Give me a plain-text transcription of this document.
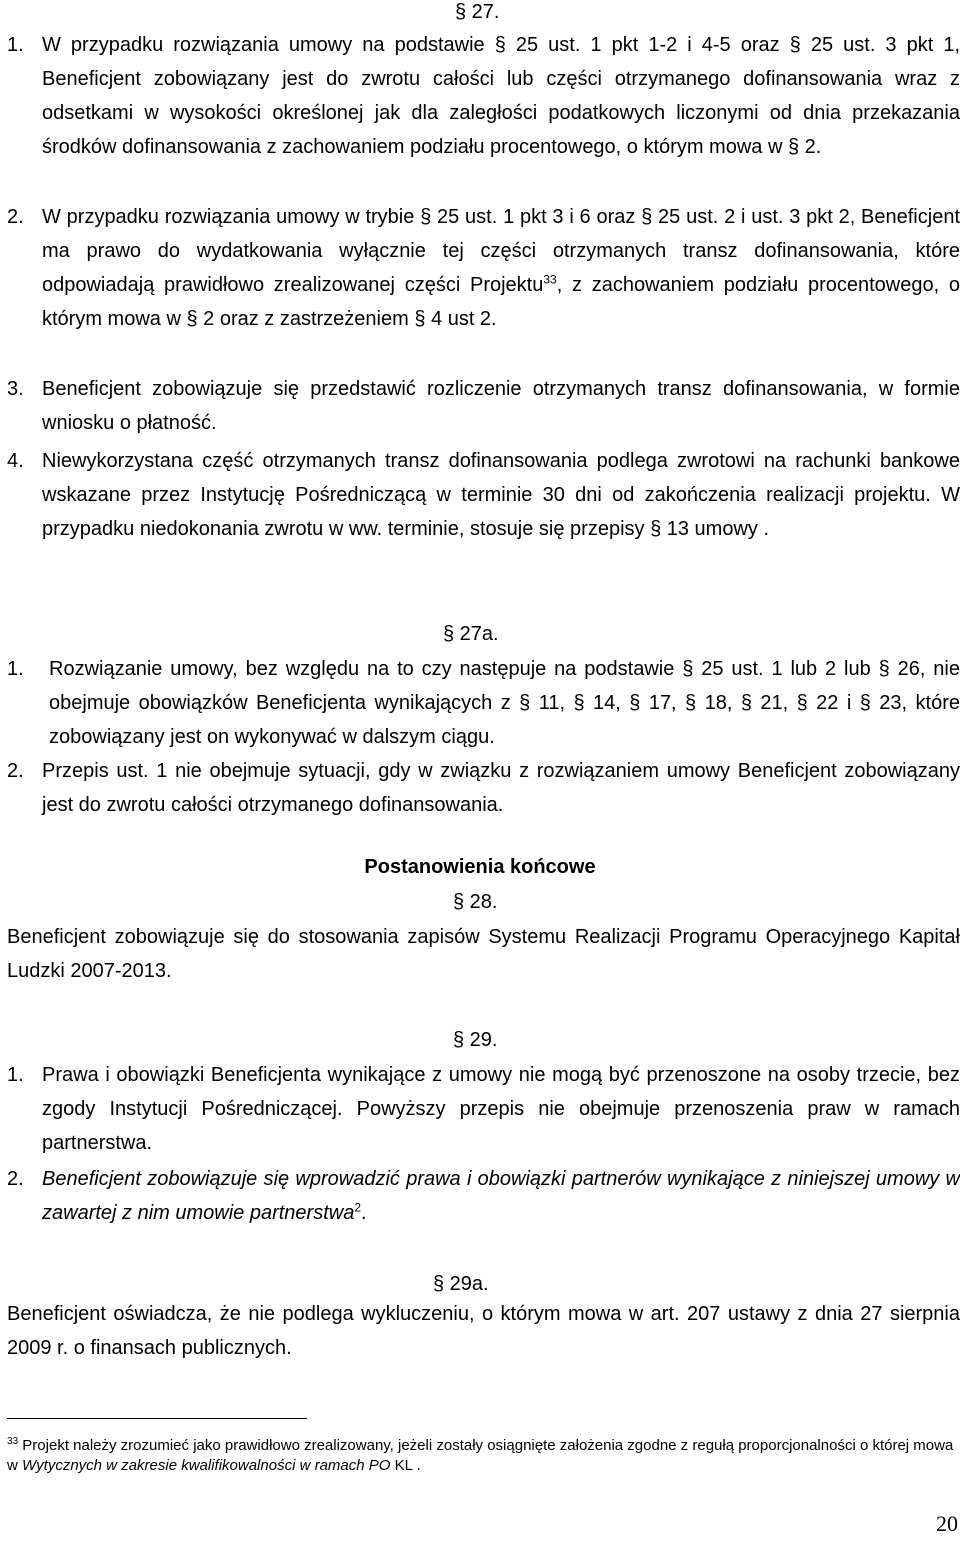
§ 27.
1. W przypadku rozwiązania umowy na podstawie § 25 ust. 1 pkt 1-2 i 4-5 oraz § 25 ust. 3 pkt 1, Beneficjent zobowiązany jest do zwrotu całości lub części otrzymanego dofinansowania wraz z odsetkami w wysokości określonej jak dla zaległości podatkowych liczonymi od dnia przekazania środków dofinansowania z zachowaniem podziału procentowego, o którym mowa w § 2.
2. W przypadku rozwiązania umowy w trybie § 25 ust. 1 pkt 3 i 6 oraz § 25 ust. 2 i ust. 3 pkt 2, Beneficjent ma prawo do wydatkowania wyłącznie tej części otrzymanych transz dofinansowania, które odpowiadają prawidłowo zrealizowanej części Projektu$^{33}$, z zachowaniem podziału procentowego, o którym mowa w § 2 oraz z zastrzeżeniem § 4 ust 2.
3. Beneficjent zobowiązuje się przedstawić rozliczenie otrzymanych transz dofinansowania, w formie wniosku o płatność.
4. Niewykorzystana część otrzymanych transz dofinansowania podlega zwrotowi na rachunki bankowe wskazane przez Instytucję Pośredniczącą w terminie 30 dni od zakończenia realizacji projektu. W przypadku niedokonania zwrotu w ww. terminie, stosuje się przepisy § 13 umowy .
§ 27a.
1. Rozwiązanie umowy, bez względu na to czy następuje na podstawie § 25 ust. 1 lub 2 lub § 26, nie obejmuje obowiązków Beneficjenta wynikających z § 11, § 14, § 17, § 18, § 21, § 22 i § 23, które zobowiązany jest on wykonywać w dalszym ciągu.
2. Przepis ust. 1 nie obejmuje sytuacji, gdy w związku z rozwiązaniem umowy Beneficjent zobowiązany jest do zwrotu całości otrzymanego dofinansowania.
Postanowienia końcowe
§ 28.
Beneficjent zobowiązuje się do stosowania zapisów Systemu Realizacji Programu Operacyjnego Kapitał Ludzki 2007-2013.
§ 29.
1. Prawa i obowiązki Beneficjenta wynikające z umowy nie mogą być przenoszone na osoby trzecie, bez zgody Instytucji Pośredniczącej. Powyższy przepis nie obejmuje przenoszenia praw w ramach partnerstwa.
2. Beneficjent zobowiązuje się wprowadzić prawa i obowiązki partnerów wynikające z niniejszej umowy w zawartej z nim umowie partnerstwa$^2$.
§ 29a.
Beneficjent oświadcza, że nie podlega wykluczeniu, o którym mowa w art. 207 ustawy z dnia 27 sierpnia 2009 r. o finansach publicznych.
$^{33}$ Projekt należy zrozumieć jako prawidłowo zrealizowany, jeżeli zostały osiągnięte założenia zgodne z regułą proporcjonalności o której mowa w Wytycznych w zakresie kwalifikowalności w ramach PO KL .
20
